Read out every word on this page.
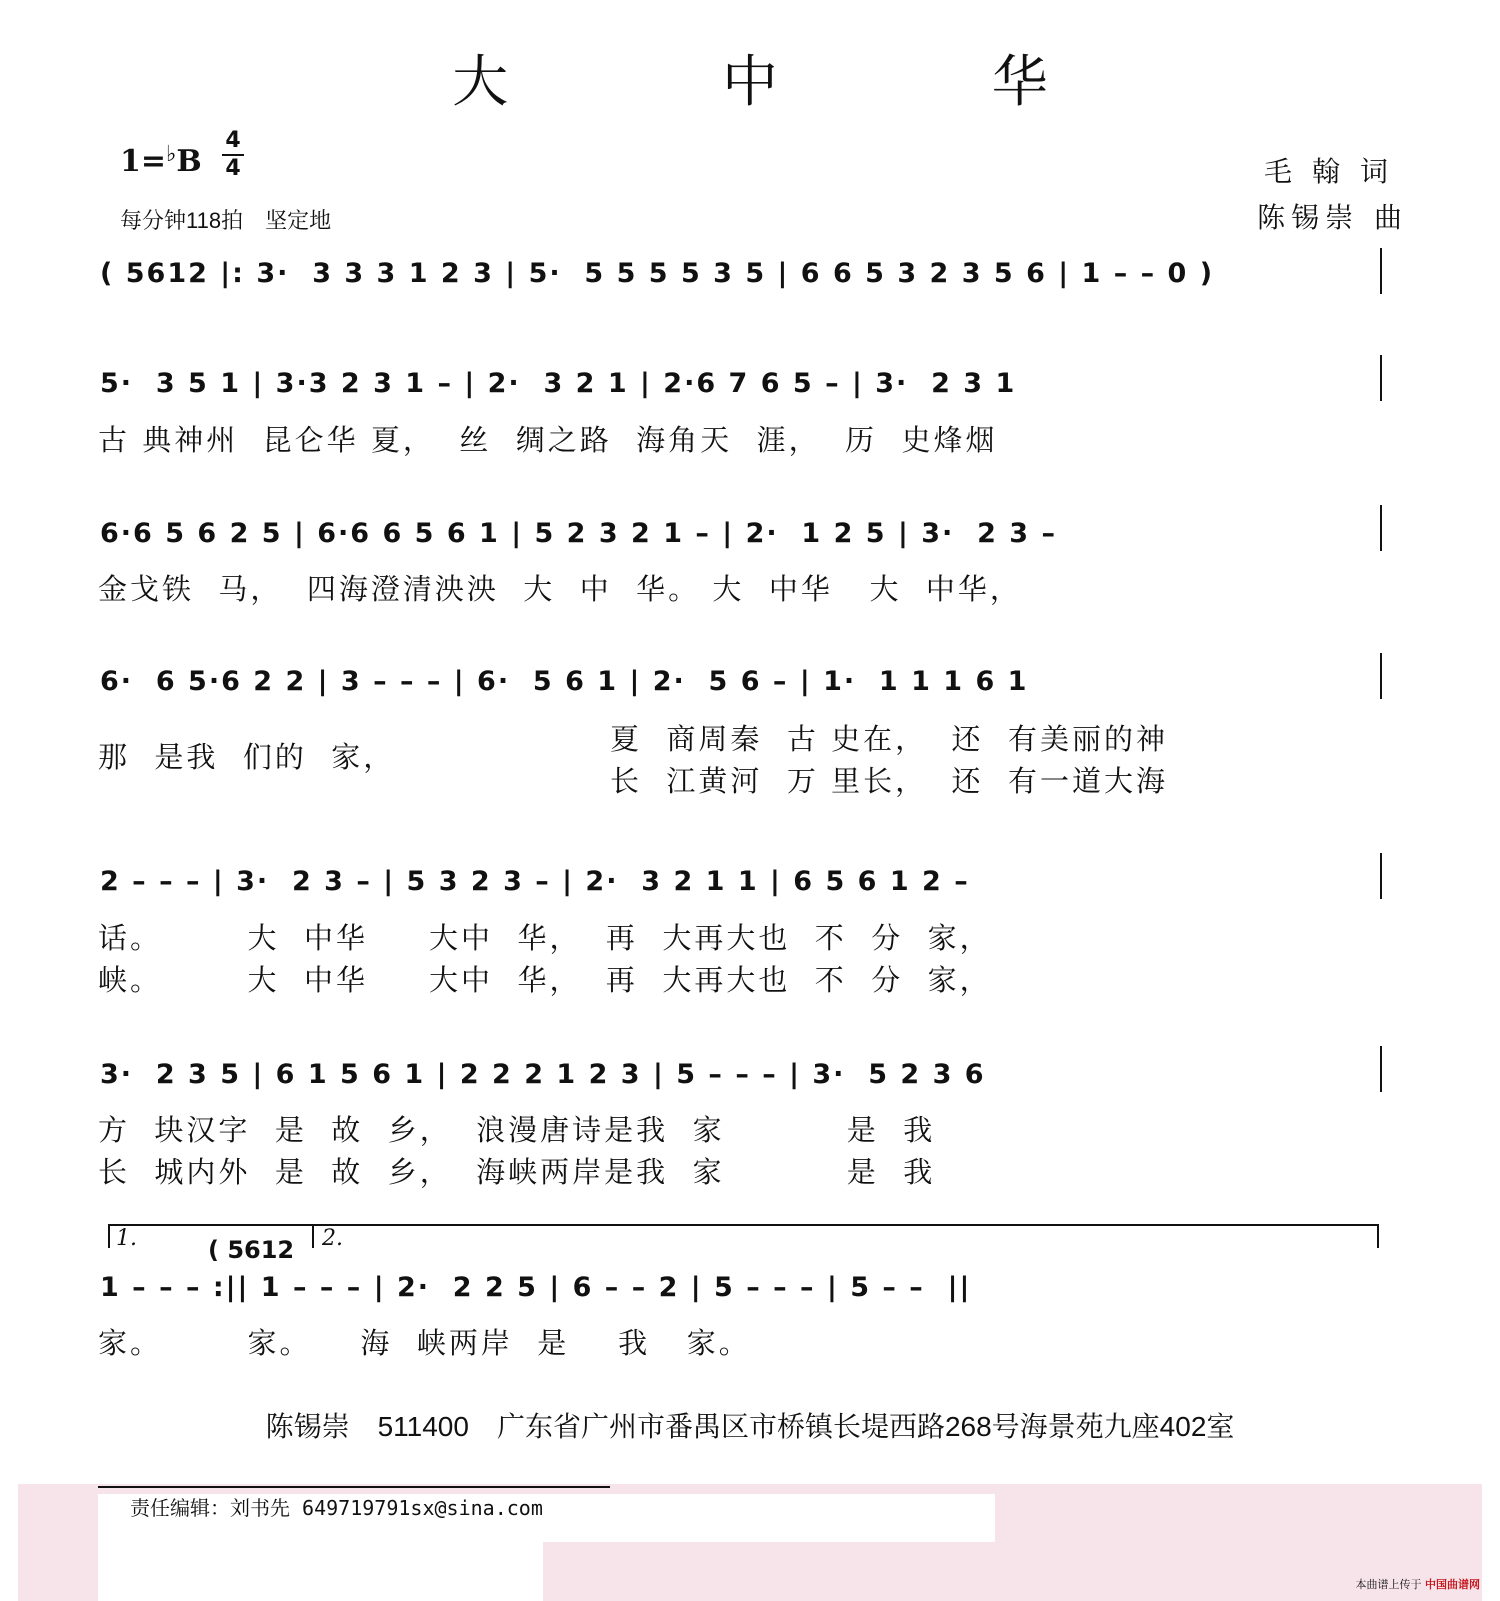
大 中 华
1=♭B
4
4
每分钟118拍　坚定地
毛翰词
陈锡崇 曲
( 5612 |: 3·  3 3 3 1 2 3 | 5·  5 5 5 5 3 5 | 6 6 5 3 2 3 5 6 | 1 – – 0 )
5·  3 5 1 | 3·3 2 3 1 – | 2·  3 2 1 | 2·6 7 6 5 – | 3·  2 3 1
古 典神州  昆仑华 夏，  丝  绸之路  海角天  涯，  历  史烽烟
6·6 5 6 2 5 | 6·6 6 5 6 1 | 5 2 3 2 1 – | 2·  1 2 5 | 3·  2 3 –
金戈铁  马，  四海澄清泱泱  大  中  华。 大  中华   大  中华，
6·  6 5·6 2 2 | 3 – – – | 6·  5 6 1 | 2·  5 6 – | 1·  1 1 1 6 1
那  是我  们的  家，
夏  商周秦  古 史在，  还  有美丽的神
长  江黄河  万 里长，  还  有一道大海
2 – – – | 3·  2 3 – | 5 3 2 3 – | 2·  3 2 1 1 | 6 5 6 1 2 –
话。       大  中华     大中  华，  再  大再大也  不  分  家，
峡。       大  中华     大中  华，  再  大再大也  不  分  家，
3·  2 3 5 | 6 1 5 6 1 | 2 2 2 1 2 3 | 5 – – – | 3·  5 2 3 6
方  块汉字  是  故  乡，  浪漫唐诗是我  家          是  我
长  城内外  是  故  乡，  海峡两岸是我  家          是  我
1.	2.
( 5612
1 – – – :|| 1 – – – | 2·  2 2 5 | 6 – – 2 | 5 – – – | 5 – –  ||
家。       家。    海  峡两岸  是    我   家。
陈锡崇　511400　广东省广州市番禺区市桥镇长堤西路268号海景苑九座402室
责任编辑：刘书先 649719791sx@sina.com
本曲谱上传于 中国曲谱网
